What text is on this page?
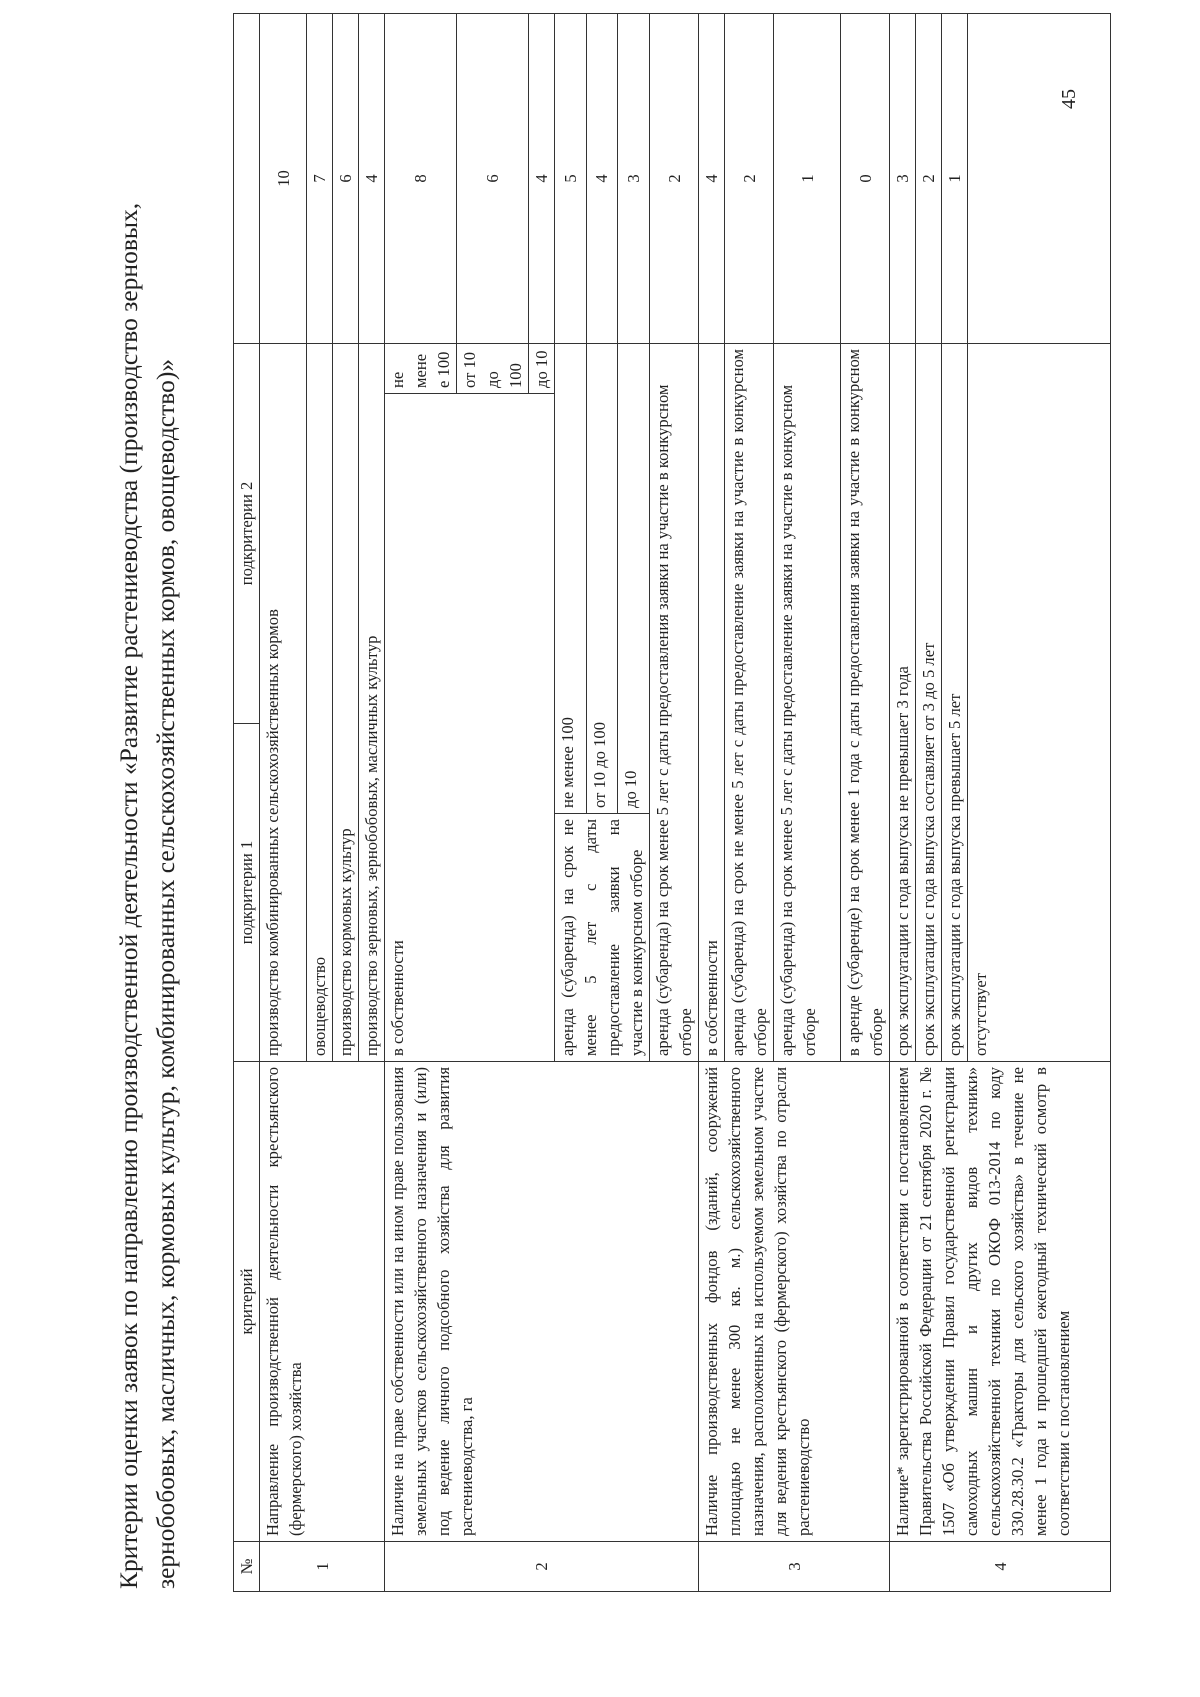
Критерии оценки заявок по направлению производственной деятельности «Развитие растениеводства (производство зерновых, зернобобовых, масличных, кормовых культур, комбинированных сельскохозяйственных кормов, овощеводство)»	№	критерий	подкритерии 1		подкритерии 2		
1	Направление производственной деятельности крестьянского (фермерского) хозяйства	производство комбинированных сельскохозяйственных кормов				10
		овощеводство				7
		производство кормовых культур				6
		производство зерновых, зернобобовых, масличных культур				4
2	Наличие на праве собственности или на ином праве пользования земельных участков сельскохозяйственного назначения и (или) под ведение личного подсобного хозяйства для развития растениеводства, га	в собственности			не менее 100	8
					от 10 до 100	6
					до 10	4
		аренда (субаренда) на срок не менее 5 лет с даты предоставление заявки на участие в конкурсном отборе	не менее 100			5
			от 10 до 100			4
			до 10			3
		аренда (субаренда) на срок менее 5 лет с даты предоставления заявки на участие в конкурсном отборе				2
3	Наличие производственных фондов (зданий, сооружений площадью не менее 300 кв. м.) сельскохозяйственного назначения, расположенных на используемом земельном участке для ведения крестьянского (фермерского) хозяйства по отрасли растениеводство	в собственности				4
		аренда (субаренда) на срок не менее 5 лет с даты предоставление заявки на участие в конкурсном отборе				2
		аренда (субаренда) на срок менее 5 лет с даты предоставление заявки на участие в конкурсном отборе				1
		в аренде (субаренде) на срок менее 1 года с даты предоставления заявки на участие в конкурсном отборе				0
4	Наличие* зарегистрированной в соответствии с постановлением Правительства Российской Федерации от 21 сентября 2020 г. № 1507 «Об утверждении Правил государственной регистрации самоходных машин и других видов техники» сельскохозяйственной техники по ОКОФ 013-2014 по коду 330.28.30.2 «Тракторы для сельского хозяйства» в течение не менее 1 года и прошедшей ежегодный технический осмотр в соответствии с постановлением	срок эксплуатации с года выпуска не превышает 3 года				3
		срок эксплуатации с года выпуска составляет от 3 до 5 лет				2
		срок эксплуатации с года выпуска превышает 5 лет				1
		отсутствует				
45
